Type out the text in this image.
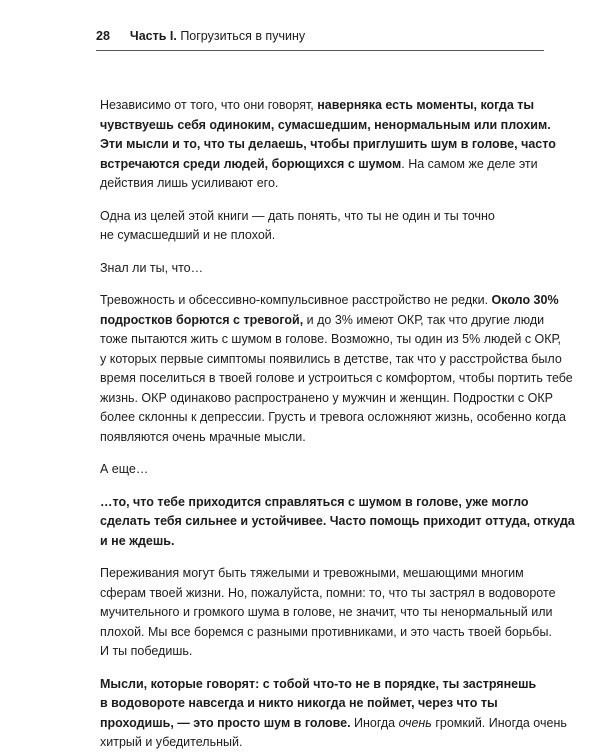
28 Часть I. Погрузиться в пучину
Независимо от того, что они говорят, наверняка есть моменты, когда ты
чувствуешь себя одиноким, сумасшедшим, ненормальным или плохим.
Эти мысли и то, что ты делаешь, чтобы приглушить шум в голове, часто
встречаются среди людей, борющихся с шумом. На самом же деле эти
действия лишь усиливают его.
Одна из целей этой книги — дать понять, что ты не один и ты точно
не сумасшедший и не плохой.
Знал ли ты, что…
Тревожность и обсессивно-компульсивное расстройство не редки. Около 30%
подростков борются с тревогой, и до 3% имеют ОКР, так что другие люди
тоже пытаются жить с шумом в голове. Возможно, ты один из 5% людей с ОКР,
у которых первые симптомы появились в детстве, так что у расстройства было
время поселиться в твоей голове и устроиться с комфортом, чтобы портить тебе
жизнь. ОКР одинаково распространено у мужчин и женщин. Подростки с ОКР
более склонны к депрессии. Грусть и тревога осложняют жизнь, особенно когда
появляются очень мрачные мысли.
А еще…
…то, что тебе приходится справляться с шумом в голове, уже могло
сделать тебя сильнее и устойчивее. Часто помощь приходит оттуда, откуда
и не ждешь.
Переживания могут быть тяжелыми и тревожными, мешающими многим
сферам твоей жизни. Но, пожалуйста, помни: то, что ты застрял в водовороте
мучительного и громкого шума в голове, не значит, что ты ненормальный или
плохой. Мы все боремся с разными противниками, и это часть твоей борьбы.
И ты победишь.
Мысли, которые говорят: с тобой что-то не в порядке, ты застрянешь
в водовороте навсегда и никто никогда не поймет, через что ты
проходишь, — это просто шум в голове. Иногда очень громкий. Иногда очень
хитрый и убедительный.
